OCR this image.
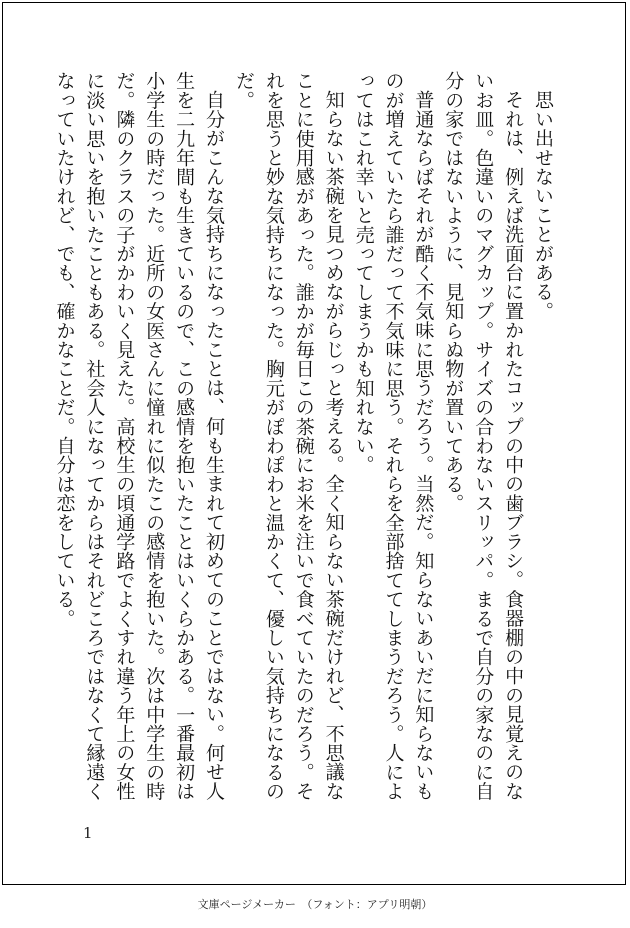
思い出せないことがある。

それは、例えば洗面台に置かれたコップの中の歯ブラシ。食器棚の中の見覚えのないお皿。色違いのマグカップ。サイズの合わないスリッパ。まるで自分の家なのに自分の家ではないように、見知らぬ物が置いてある。

普通ならばそれが酷く不気味に思うだろう。当然だ。知らないあいだに知らないものが増えていたら誰だって不気味に思う。それらを全部捨ててしまうだろう。人によってはこれ幸いと売ってしまうかも知れない。

知らない茶碗を見つめながらじっと考える。全く知らない茶碗だけれど、不思議なことに使用感があった。誰かが毎日この茶碗にお米を注いで食べていたのだろう。それを思うと妙な気持ちになった。胸元がぽわぽわと温かくて、優しい気持ちになるのだ。

自分がこんな気持ちになったことは、何も生まれて初めてのことではない。何せ人生を二九年間も生きているので、この感情を抱いたことはいくらかある。一番最初は小学生の時だった。近所の女医さんに憧れに似たこの感情を抱いた。次は中学生の時だ。隣のクラスの子がかわいく見えた。高校生の頃通学路でよくすれ違う年上の女性に淡い思いを抱いたこともある。社会人になってからはそれどころではなくて縁遠くなっていたけれど、でも、確かなことだ。自分は恋をしている。

1
文庫ページメーカー　（フォント：アプリ明朝）
